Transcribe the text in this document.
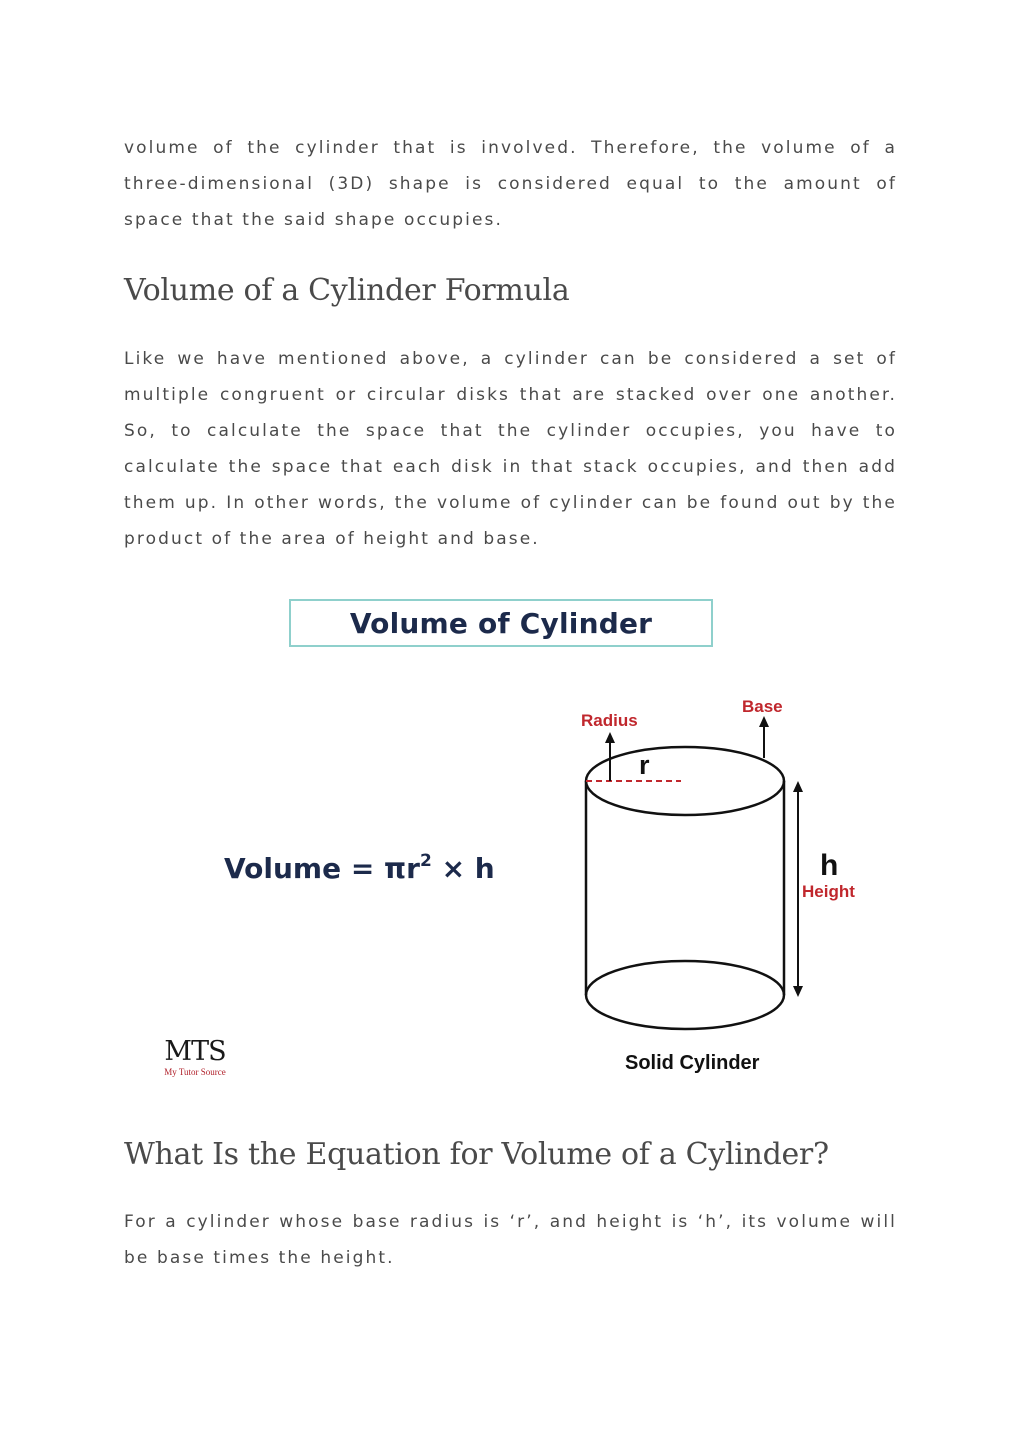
volume of the cylinder that is involved. Therefore, the volume of a three-dimensional (3D) shape is considered equal to the amount of space that the said shape occupies.

Volume of a Cylinder Formula

Like we have mentioned above, a cylinder can be considered a set of multiple congruent or circular disks that are stacked over one another. So, to calculate the space that the cylinder occupies, you have to calculate the space that each disk in that stack occupies, and then add them up. In other words, the volume of cylinder can be found out by the product of the area of height and base.

Volume of Cylinder
Volume = $\pi r^2 \times h$
Radius
r
Base
h
Height
Solid Cylinder
MTS
My Tutor Source
What Is the Equation for Volume of a Cylinder?

For a cylinder whose base radius is ‘r’, and height is ‘h’, its volume will be base times the height.
